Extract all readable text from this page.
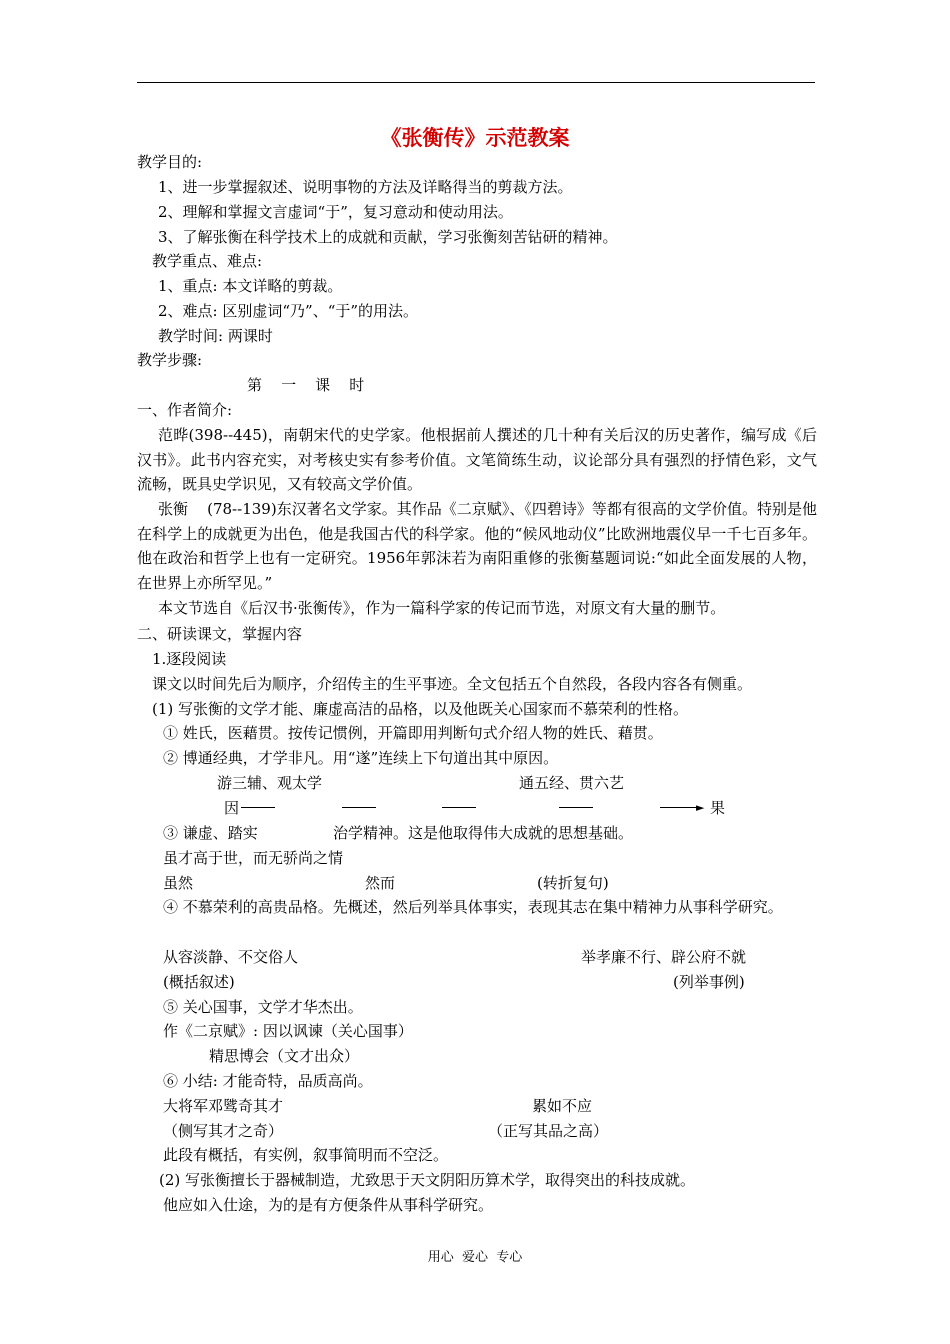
《张衡传》示范教案
教学目的:
1、进一步掌握叙述、说明事物的方法及详略得当的剪裁方法。
2、理解和掌握文言虚词“于”，复习意动和使动用法。
3、了解张衡在科学技术上的成就和贡献，学习张衡刻苦钻研的精神。
教学重点、难点:
1、重点: 本文详略的剪裁。
2、难点: 区别虚词“乃”、“于”的用法。
教学时间: 两课时
教学步骤:
第    一    课    时
一、作者简介:
范晔(398--445)，南朝宋代的史学家。他根据前人撰述的几十种有关后汉的历史著作，编写成《后汉书》。此书内容充实，对考核史实有参考价值。文笔简练生动，议论部分具有强烈的抒情色彩，文气流畅，既具史学识见，又有较高文学价值。
张衡    (78--139)东汉著名文学家。其作品《二京赋》、《四碧诗》等都有很高的文学价值。特别是他在科学上的成就更为出色，他是我国古代的科学家。他的“候风地动仪”比欧洲地震仪早一千七百多年。他在政治和哲学上也有一定研究。1956年郭沫若为南阳重修的张衡墓题词说:“如此全面发展的人物，在世界上亦所罕见。”
本文节选自《后汉书·张衡传》，作为一篇科学家的传记而节选，对原文有大量的删节。
二、研读课文，掌握内容
1.逐段阅读
课文以时间先后为顺序，介绍传主的生平事迹。全文包括五个自然段，各段内容各有侧重。
(1) 写张衡的文学才能、廉虚高洁的品格，以及他既关心国家而不慕荣利的性格。
① 姓氏，医藉贯。按传记惯例，开篇即用判断句式介绍人物的姓氏、藉贯。
② 博通经典，才学非凡。用“遂”连续上下句道出其中原因。
游三辅、观太学	通五经、贯六艺
因	► 果
③ 谦虚、踏实	治学精神。这是他取得伟大成就的思想基础。
虽才高于世，而无骄尚之情
虽然	然而	(转折复句)
④ 不慕荣利的高贵品格。先概述，然后列举具体事实，表现其志在集中精神力从事科学研究。
从容淡静、不交俗人	举孝廉不行、辟公府不就
(概括叙述)	(列举事例)
⑤ 关心国事，文学才华杰出。
作《二京赋》: 因以讽谏（关心国事）
精思博会（文才出众）
⑥ 小结: 才能奇特，品质高尚。
大将军邓骘奇其才	累如不应
（侧写其才之奇）	（正写其品之高）
此段有概括，有实例，叙事简明而不空泛。
(2) 写张衡擅长于器械制造，尤致思于天文阴阳历算术学，取得突出的科技成就。
他应如入仕途，为的是有方便条件从事科学研究。
用心  爱心  专心
